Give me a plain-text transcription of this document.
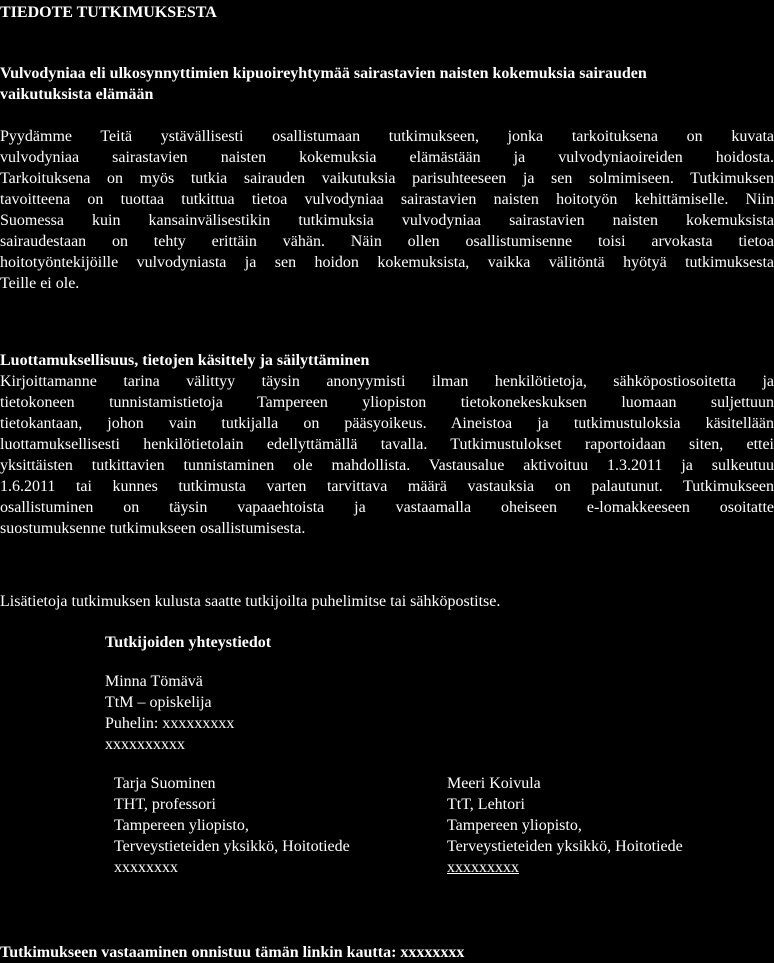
TIEDOTE TUTKIMUKSESTA
Vulvodyniaa eli ulkosynnyttimien kipuoireyhtymää sairastavien naisten kokemuksia sairauden
vaikutuksista elämään
Pyydämme Teitä ystävällisesti osallistumaan tutkimukseen, jonka tarkoituksena on kuvata
vulvodyniaa sairastavien naisten kokemuksia elämästään ja vulvodyniaoireiden hoidosta.
Tarkoituksena on myös tutkia sairauden vaikutuksia parisuhteeseen ja sen solmimiseen. Tutkimuksen
tavoitteena on tuottaa tutkittua tietoa vulvodyniaa sairastavien naisten hoitotyön kehittämiselle. Niin
Suomessa kuin kansainvälisestikin tutkimuksia vulvodyniaa sairastavien naisten kokemuksista
sairaudestaan on tehty erittäin vähän. Näin ollen osallistumisenne toisi arvokasta tietoa
hoitotyöntekijöille vulvodyniasta ja sen hoidon kokemuksista, vaikka välitöntä hyötyä tutkimuksesta
Teille ei ole.
Luottamuksellisuus, tietojen käsittely ja säilyttäminen
Kirjoittamanne tarina välittyy täysin anonyymisti ilman henkilötietoja, sähköpostiosoitetta ja
tietokoneen tunnistamistietoja Tampereen yliopiston tietokonekeskuksen luomaan suljettuun
tietokantaan, johon vain tutkijalla on pääsyoikeus. Aineistoa ja tutkimustuloksia käsitellään
luottamuksellisesti henkilötietolain edellyttämällä tavalla. Tutkimustulokset raportoidaan siten, ettei
yksittäisten tutkittavien tunnistaminen ole mahdollista. Vastausalue aktivoituu 1.3.2011 ja sulkeutuu
1.6.2011 tai kunnes tutkimusta varten tarvittava määrä vastauksia on palautunut. Tutkimukseen
osallistuminen on täysin vapaaehtoista ja vastaamalla oheiseen e-lomakkeeseen osoitatte
suostumuksenne tutkimukseen osallistumisesta.
Lisätietoja tutkimuksen kulusta saatte tutkijoilta puhelimitse tai sähköpostitse.
Tutkijoiden yhteystiedot
Minna Tömävä
TtM – opiskelija
Puhelin: xxxxxxxxx
xxxxxxxxxx
Tarja Suominen
THT, professori
Tampereen yliopisto,
Terveystieteiden yksikkö, Hoitotiede
xxxxxxxx
Meeri Koivula
TtT, Lehtori
Tampereen yliopisto,
Terveystieteiden yksikkö, Hoitotiede
xxxxxxxxx
Tutkimukseen vastaaminen onnistuu tämän linkin kautta: xxxxxxxx
